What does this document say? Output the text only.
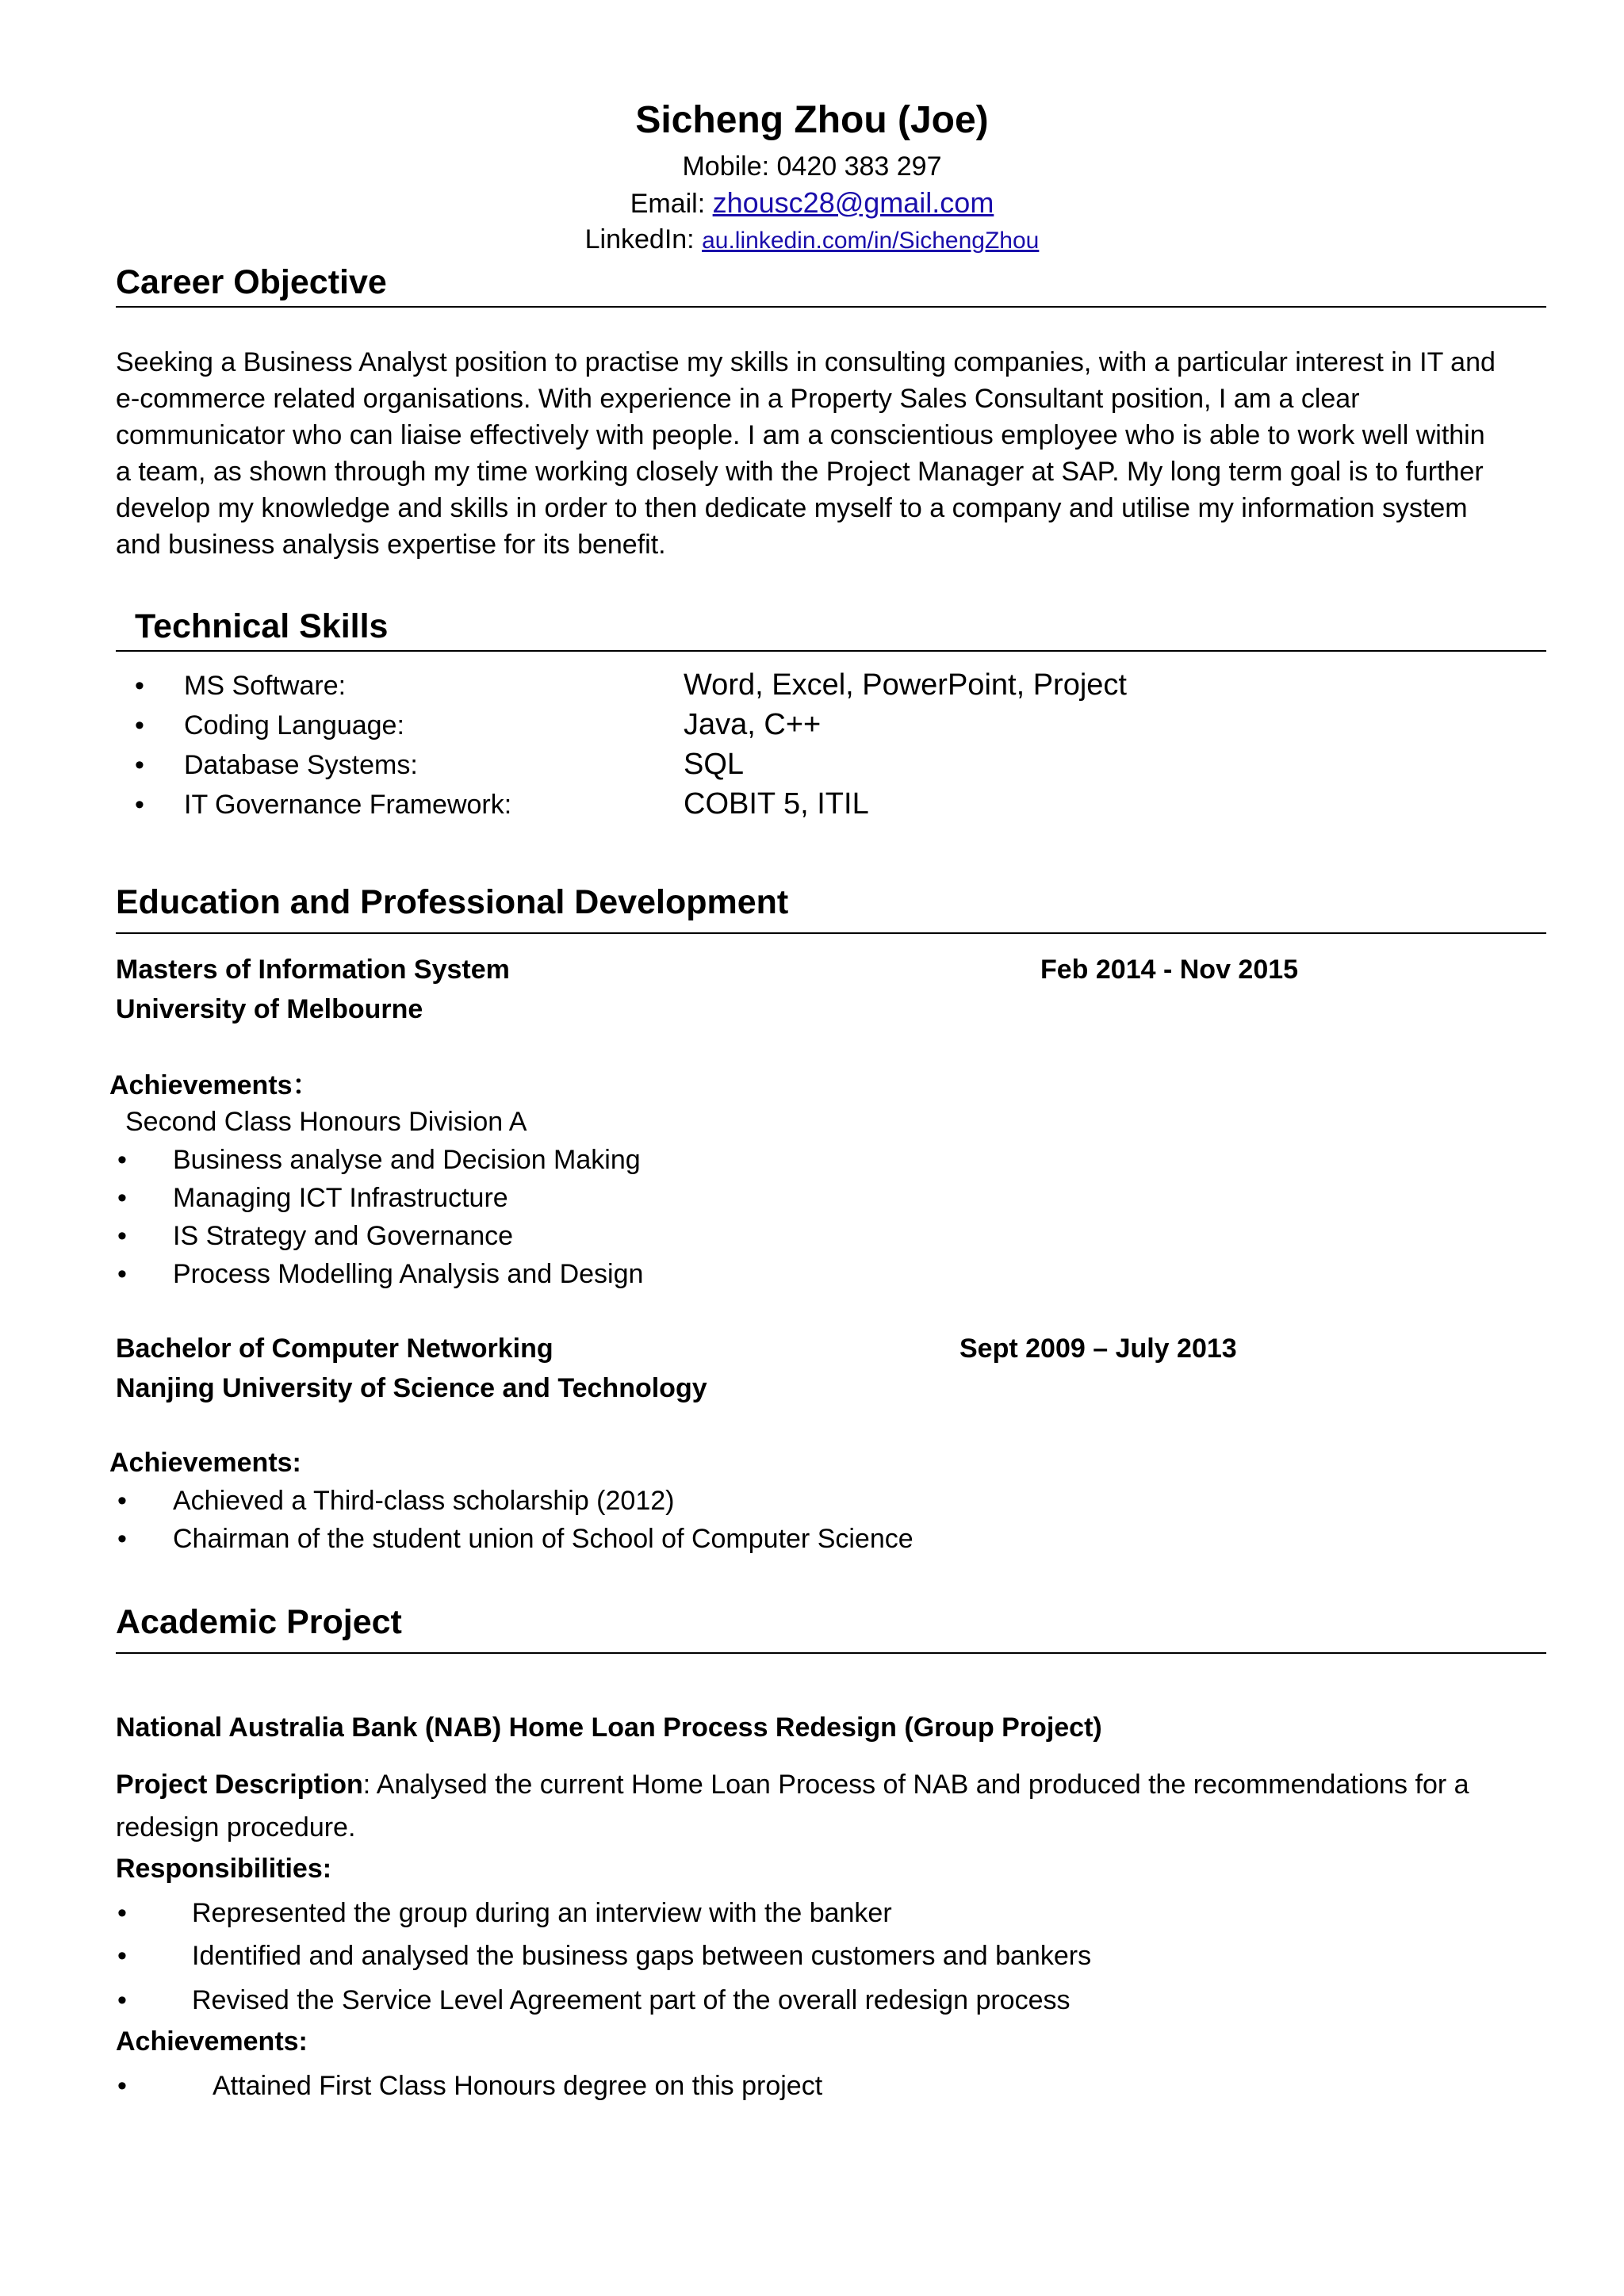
Sicheng Zhou (Joe)
Mobile: 0420 383 297
Email: zhousc28@gmail.com
LinkedIn: au.linkedin.com/in/SichengZhou
Career Objective
Seeking a Business Analyst position to practise my skills in consulting companies, with a particular interest in IT and
e-commerce related organisations. With experience in a Property Sales Consultant position, I am a clear
communicator who can liaise effectively with people. I am a conscientious employee who is able to work well within
a team, as shown through my time working closely with the Project Manager at SAP. My long term goal is to further
develop my knowledge and skills in order to then dedicate myself to a company and utilise my information system
and business analysis expertise for its benefit.
Technical Skills
• MS Software:	Word, Excel, PowerPoint, Project
• Coding Language:	Java, C++
• Database Systems:	SQL
• IT Governance Framework:	COBIT 5, ITIL
Education and Professional Development
Masters of Information System	Feb 2014 - Nov 2015
University of Melbourne
Achievements：
Second Class Honours Division A
• Business analyse and Decision Making
• Managing ICT Infrastructure
• IS Strategy and Governance
• Process Modelling Analysis and Design
Bachelor of Computer Networking	Sept 2009 – July 2013
Nanjing University of Science and Technology
Achievements:
• Achieved a Third-class scholarship (2012)
• Chairman of the student union of School of Computer Science
Academic Project
National Australia Bank (NAB) Home Loan Process Redesign (Group Project)
Project Description: Analysed the current Home Loan Process of NAB and produced the recommendations for a
redesign procedure.
Responsibilities:
• Represented the group during an interview with the banker
• Identified and analysed the business gaps between customers and bankers
• Revised the Service Level Agreement part of the overall redesign process
Achievements:
•	Attained First Class Honours degree on this project
